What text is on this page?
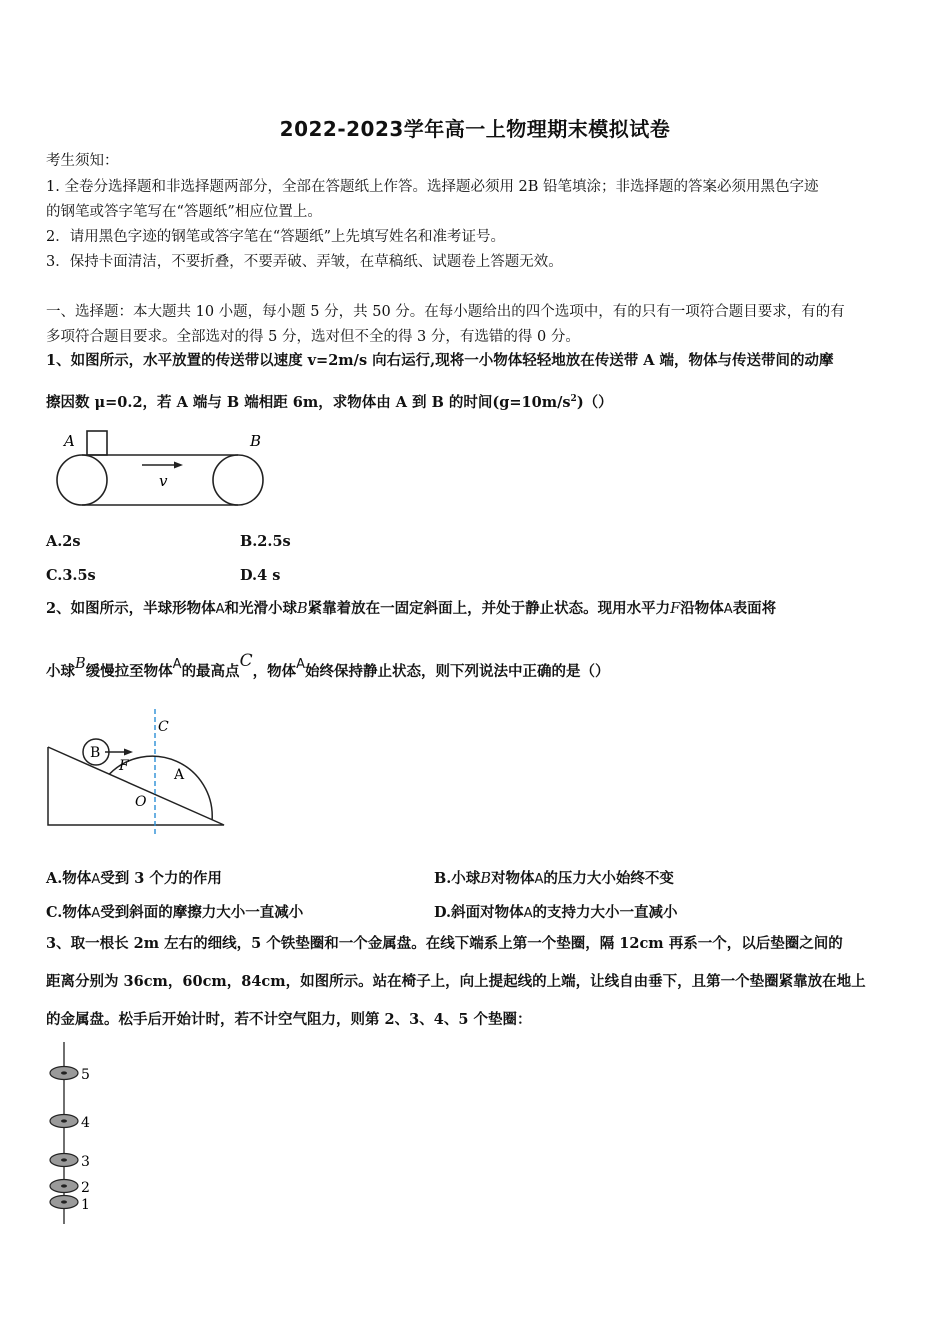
2022-2023学年高一上物理期末模拟试卷
考生须知：
1. 全卷分选择题和非选择题两部分，全部在答题纸上作答。选择题必须用 2B 铅笔填涂；非选择题的答案必须用黑色字迹
的钢笔或答字笔写在“答题纸”相应位置上。
2．请用黑色字迹的钢笔或答字笔在“答题纸”上先填写姓名和准考证号。
3．保持卡面清洁，不要折叠，不要弄破、弄皱，在草稿纸、试题卷上答题无效。
一、选择题：本大题共 10 小题，每小题 5 分，共 50 分。在每小题给出的四个选项中，有的只有一项符合题目要求，有的有
多项符合题目要求。全部选对的得 5 分，选对但不全的得 3 分，有选错的得 0 分。
1、如图所示，水平放置的传送带以速度 v=2m/s 向右运行,现将一小物体轻轻地放在传送带 A 端，物体与传送带间的动摩
擦因数 μ=0.2，若 A 端与 B 端相距 6m，求物体由 A 到 B 的时间$(g=10m/s^2)()$
A	B
v
A.2s	B.2.5s
C.3.5s	D.4 s
2、如图所示，半球形物体A和光滑小球B紧靠着放在一固定斜面上，并处于静止状态。现用水平力F沿物体A表面将
小球B缓慢拉至物体A的最高点C，物体A始终保持静止状态，则下列说法中正确的是（）
B
F
C
A
O
A.物体A受到 3 个力的作用	B.小球B对物体A的压力大小始终不变
C.物体A受到斜面的摩擦力大小一直减小	D.斜面对物体A的支持力大小一直减小
3、取一根长 2m 左右的细线，5 个铁垫圈和一个金属盘。在线下端系上第一个垫圈，隔 12cm 再系一个，以后垫圈之间的
距离分别为 36cm，60cm，84cm，如图所示。站在椅子上，向上提起线的上端，让线自由垂下，且第一个垫圈紧靠放在地上
的金属盘。松手后开始计时，若不计空气阻力，则第 2、3、4、5 个垫圈：
5
4
3
2
1
